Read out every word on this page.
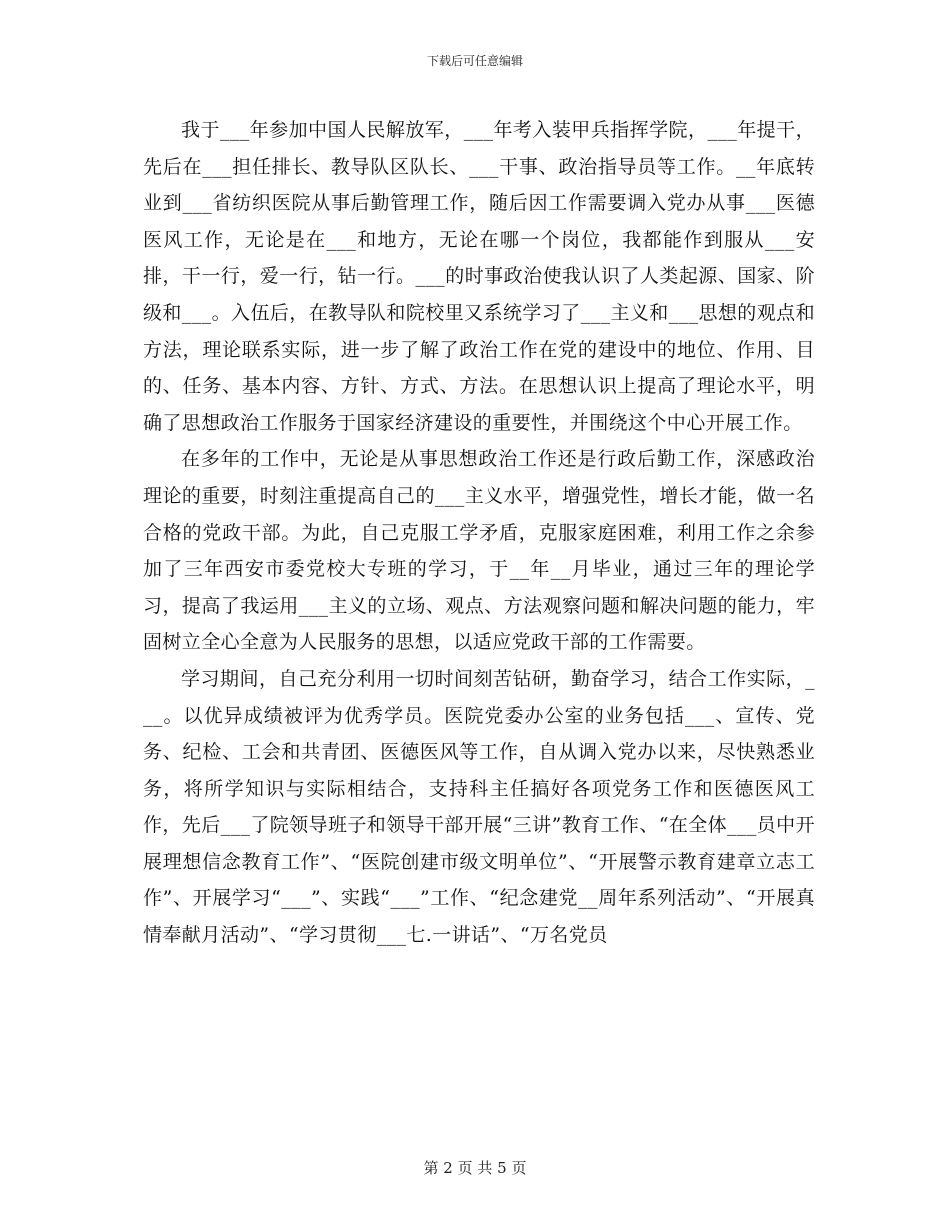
下载后可任意编辑

我于___年参加中国人民解放军，___年考入装甲兵指挥学院，___年提干，先后在___担任排长、教导队区队长、___干事、政治指导员等工作。__年底转业到___省纺织医院从事后勤管理工作，随后因工作需要调入党办从事___医德医风工作，无论是在___和地方，无论在哪一个岗位，我都能作到服从___安排，干一行，爱一行，钻一行。___的时事政治使我认识了人类起源、国家、阶级和___。入伍后，在教导队和院校里又系统学习了___主义和___思想的观点和方法，理论联系实际，进一步了解了政治工作在党的建设中的地位、作用、目的、任务、基本内容、方针、方式、方法。在思想认识上提高了理论水平，明确了思想政治工作服务于国家经济建设的重要性，并围绕这个中心开展工作。

在多年的工作中，无论是从事思想政治工作还是行政后勤工作，深感政治理论的重要，时刻注重提高自己的___主义水平，增强党性，增长才能，做一名合格的党政干部。为此，自己克服工学矛盾，克服家庭困难，利用工作之余参加了三年西安市委党校大专班的学习，于__年__月毕业，通过三年的理论学习，提高了我运用___主义的立场、观点、方法观察问题和解决问题的能力，牢固树立全心全意为人民服务的思想，以适应党政干部的工作需要。

学习期间，自己充分利用一切时间刻苦钻研，勤奋学习，结合工作实际，___。以优异成绩被评为优秀学员。医院党委办公室的业务包括___、宣传、党务、纪检、工会和共青团、医德医风等工作，自从调入党办以来，尽快熟悉业务，将所学知识与实际相结合，支持科主任搞好各项党务工作和医德医风工作，先后___了院领导班子和领导干部开展“三讲”教育工作、“在全体___员中开展理想信念教育工作”、“医院创建市级文明单位”、“开展警示教育建章立志工作”、开展学习“___”、实践“___”工作、“纪念建党__周年系列活动”、“开展真情奉献月活动”、“学习贯彻___七.一讲话”、“万名党员

第 2 页 共 5 页
